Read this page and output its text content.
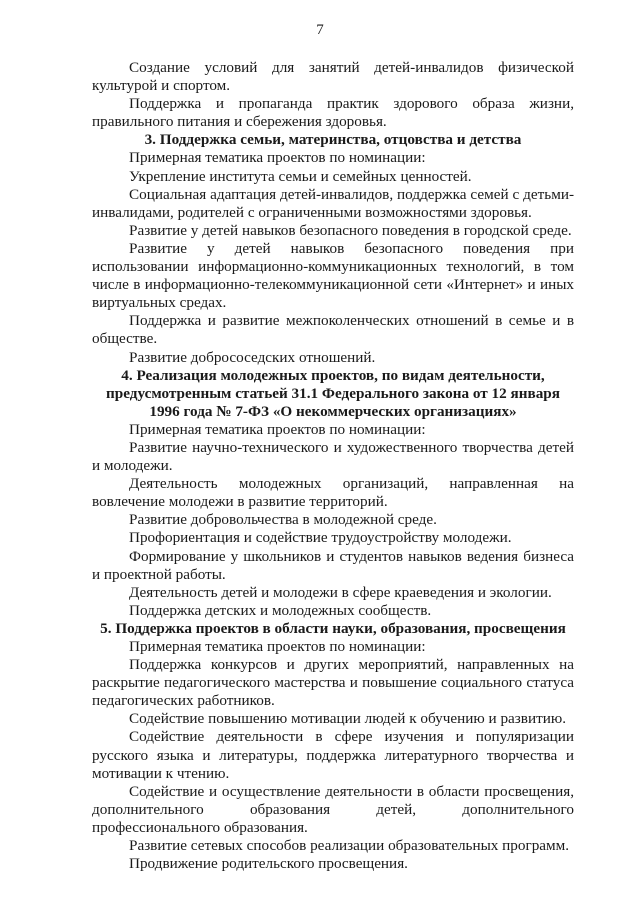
7

Создание условий для занятий детей-инвалидов физической культурой и спортом.

Поддержка и пропаганда практик здорового образа жизни, правильного питания и сбережения здоровья.

3. Поддержка семьи, материнства, отцовства и детства

Примерная тематика проектов по номинации:

Укрепление института семьи и семейных ценностей.

Социальная адаптация детей-инвалидов, поддержка семей с детьми-инвалидами, родителей с ограниченными возможностями здоровья.

Развитие у детей навыков безопасного поведения в городской среде.

Развитие у детей навыков безопасного поведения при использовании информационно-коммуникационных технологий, в том числе в информационно-телекоммуникационной сети «Интернет» и иных виртуальных средах.

Поддержка и развитие межпоколенческих отношений в семье и в обществе.

Развитие добрососедских отношений.

4. Реализация молодежных проектов, по видам деятельности, предусмотренным статьей 31.1 Федерального закона от 12 января 1996 года № 7-ФЗ «О некоммерческих организациях»

Примерная тематика проектов по номинации:

Развитие научно-технического и художественного творчества детей и молодежи.

Деятельность молодежных организаций, направленная на вовлечение молодежи в развитие территорий.

Развитие добровольчества в молодежной среде.

Профориентация и содействие трудоустройству молодежи.

Формирование у школьников и студентов навыков ведения бизнеса и проектной работы.

Деятельность детей и молодежи в сфере краеведения и экологии.

Поддержка детских и молодежных сообществ.

5. Поддержка проектов в области науки, образования, просвещения

Примерная тематика проектов по номинации:

Поддержка конкурсов и других мероприятий, направленных на раскрытие педагогического мастерства и повышение социального статуса педагогических работников.

Содействие повышению мотивации людей к обучению и развитию.

Содействие деятельности в сфере изучения и популяризации русского языка и литературы, поддержка литературного творчества и мотивации к чтению.

Содействие и осуществление деятельности в области просвещения, дополнительного образования детей, дополнительного профессионального образования.

Развитие сетевых способов реализации образовательных программ.

Продвижение родительского просвещения.
